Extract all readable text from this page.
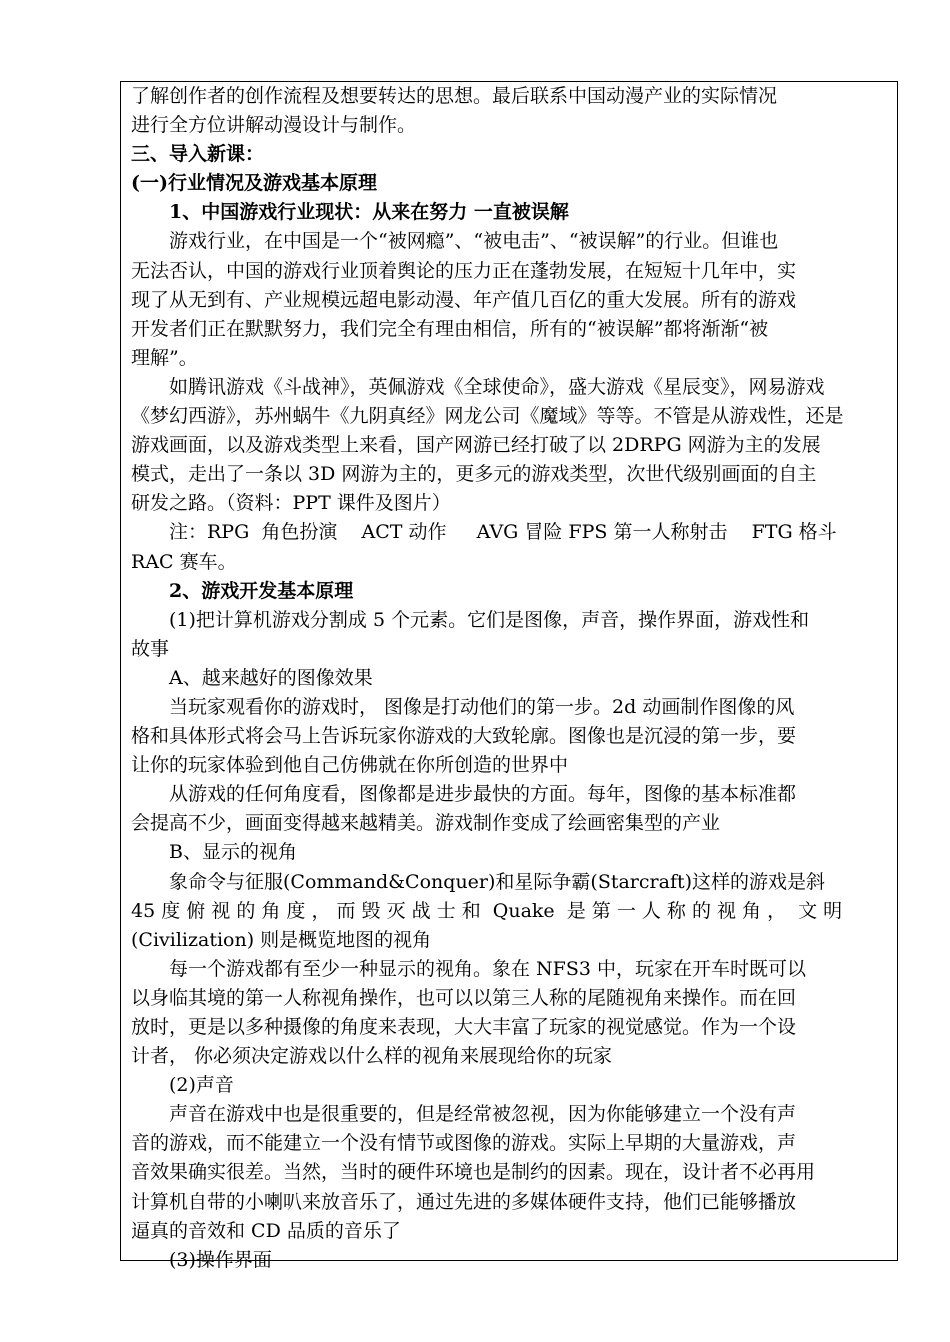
了解创作者的创作流程及想要转达的思想。最后联系中国动漫产业的实际情况
进行全方位讲解动漫设计与制作。
三、导入新课：
(一)行业情况及游戏基本原理
1、中国游戏行业现状：从来在努力 一直被误解
游戏行业，在中国是一个“被网瘾”、“被电击”、“被误解”的行业。但谁也
无法否认，中国的游戏行业顶着舆论的压力正在蓬勃发展，在短短十几年中，实
现了从无到有、产业规模远超电影动漫、年产值几百亿的重大发展。所有的游戏
开发者们正在默默努力，我们完全有理由相信，所有的“被误解”都将渐渐“被
理解”。
如腾讯游戏《斗战神》，英佩游戏《全球使命》，盛大游戏《星辰变》，网易游戏
《梦幻西游》，苏州蜗牛《九阴真经》网龙公司《魔域》等等。不管是从游戏性，还是
游戏画面，以及游戏类型上来看，国产网游已经打破了以 2DRPG 网游为主的发展
模式，走出了一条以 3D 网游为主的，更多元的游戏类型，次世代级别画面的自主
研发之路。（资料：PPT 课件及图片）
注：RPG  角色扮演    ACT 动作     AVG 冒险 FPS 第一人称射击    FTG 格斗
RAC 赛车。
2、游戏开发基本原理
(1)把计算机游戏分割成 5 个元素。它们是图像，声音，操作界面，游戏性和
故事
A、越来越好的图像效果
当玩家观看你的游戏时， 图像是打动他们的第一步。2d 动画制作图像的风
格和具体形式将会马上告诉玩家你游戏的大致轮廓。图像也是沉浸的第一步，要
让你的玩家体验到他自己仿佛就在你所创造的世界中
从游戏的任何角度看，图像都是进步最快的方面。每年，图像的基本标准都
会提高不少，画面变得越来越精美。游戏制作变成了绘画密集型的产业
B、显示的视角
象命令与征服(Command&Conquer)和星际争霸(Starcraft)这样的游戏是斜
45 度 俯 视 的 角 度 ， 而 毁 灭 战 士 和  Quake  是 第 一 人 称 的 视 角 ，  文 明
(Civilization) 则是概览地图的视角
每一个游戏都有至少一种显示的视角。象在 NFS3 中，玩家在开车时既可以
以身临其境的第一人称视角操作，也可以以第三人称的尾随视角来操作。而在回
放时，更是以多种摄像的角度来表现，大大丰富了玩家的视觉感觉。作为一个设
计者， 你必须决定游戏以什么样的视角来展现给你的玩家
(2)声音
声音在游戏中也是很重要的，但是经常被忽视，因为你能够建立一个没有声
音的游戏，而不能建立一个没有情节或图像的游戏。实际上早期的大量游戏，声
音效果确实很差。当然，当时的硬件环境也是制约的因素。现在，设计者不必再用
计算机自带的小喇叭来放音乐了，通过先进的多媒体硬件支持，他们已能够播放
逼真的音效和 CD 品质的音乐了
(3)操作界面
